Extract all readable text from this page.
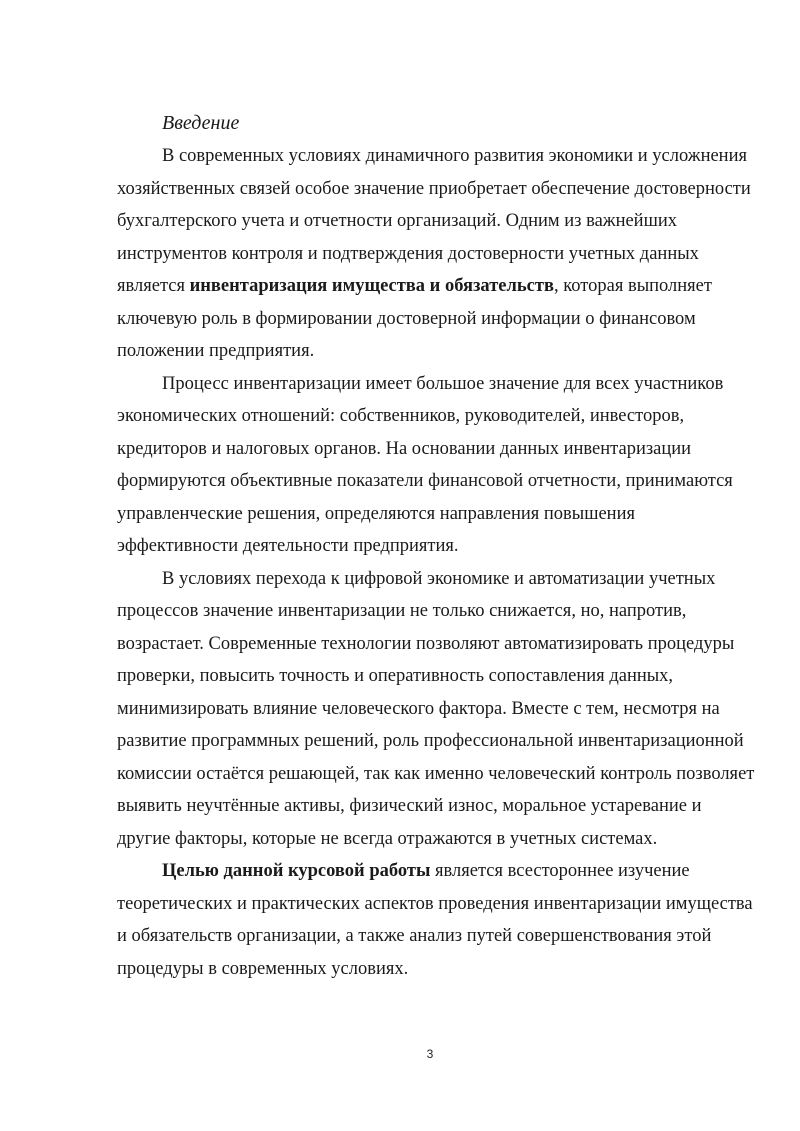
Введение

В современных условиях динамичного развития экономики и усложнения хозяйственных связей особое значение приобретает обеспечение достоверности бухгалтерского учета и отчетности организаций. Одним из важнейших инструментов контроля и подтверждения достоверности учетных данных является инвентаризация имущества и обязательств, которая выполняет ключевую роль в формировании достоверной информации о финансовом положении предприятия.

Процесс инвентаризации имеет большое значение для всех участников экономических отношений: собственников, руководителей, инвесторов, кредиторов и налоговых органов. На основании данных инвентаризации формируются объективные показатели финансовой отчетности, принимаются управленческие решения, определяются направления повышения эффективности деятельности предприятия.

В условиях перехода к цифровой экономике и автоматизации учетных процессов значение инвентаризации не только снижается, но, напротив, возрастает. Современные технологии позволяют автоматизировать процедуры проверки, повысить точность и оперативность сопоставления данных, минимизировать влияние человеческого фактора. Вместе с тем, несмотря на развитие программных решений, роль профессиональной инвентаризационной комиссии остаётся решающей, так как именно человеческий контроль позволяет выявить неучтённые активы, физический износ, моральное устаревание и другие факторы, которые не всегда отражаются в учетных системах.

Целью данной курсовой работы является всестороннее изучение теоретических и практических аспектов проведения инвентаризации имущества и обязательств организации, а также анализ путей совершенствования этой процедуры в современных условиях.

3
